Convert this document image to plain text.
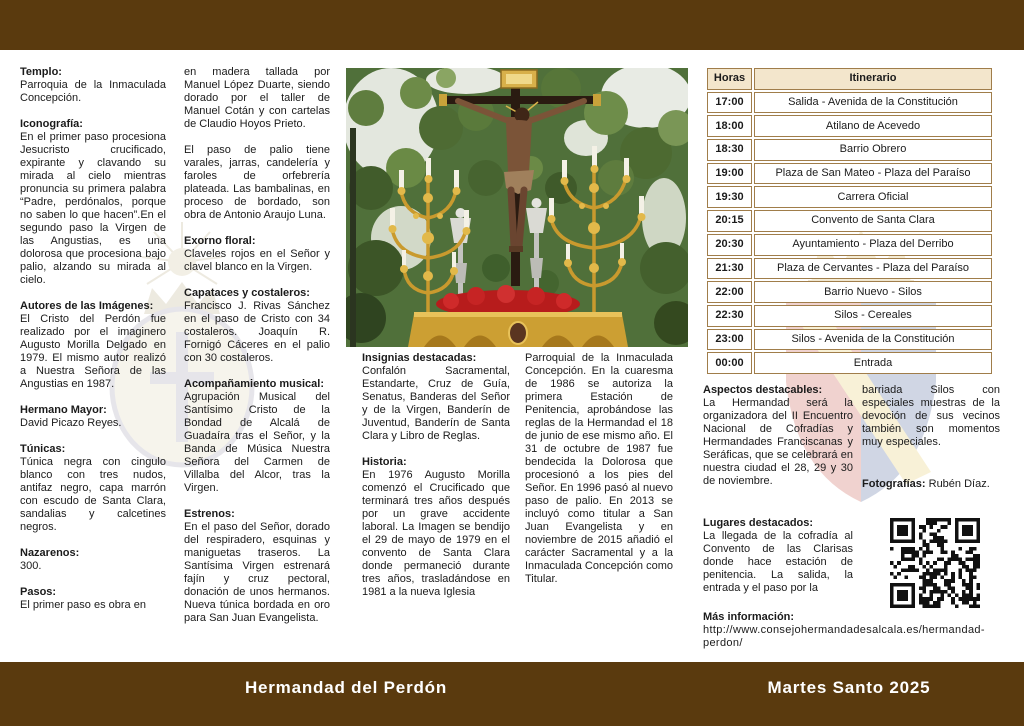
Hermandad del Perdón	Martes Santo 2025
Templo:
Parroquia de la Inmaculada Concepción.
Iconografía:
En el primer paso procesiona Jesucristo crucificado, expirante y clavando su mirada al cielo mientras pronuncia su primera palabra “Padre, perdónalos, porque no saben lo que hacen”.En el segundo paso la Virgen de las Angustias, es una dolorosa que procesiona bajo palio, alzando su mirada al cielo.
Autores de las Imágenes:
El Cristo del Perdón fue realizado por el imaginero Augusto Morilla Delgado en 1979. El mismo autor realizó a Nuestra Señora de las Angustias en 1987.
Hermano Mayor:
David Picazo Reyes.
Túnicas:
Túnica negra con cingulo blanco con tres nudos, antifaz negro, capa marrón con escudo de Santa Clara, sandalias y calcetines negros.
Nazarenos:
300.
Pasos:
El primer paso es obra en
en madera tallada por Manuel López Duarte, siendo dorado por el taller de Manuel Cotán y con cartelas de Claudio Hoyos Prieto.
El paso de palio tiene varales, jarras, candelería y faroles de orfebrería plateada. Las bambalinas, en proceso de bordado, son obra de Antonio Araujo Luna.
Exorno floral:
Claveles rojos en el Señor y clavel blanco en la Virgen.
Capataces y costaleros:
Francisco J. Rivas Sánchez en el paso de Cristo con 34 costaleros. Joaquín R. Fornigó Cáceres en el palio con 30 costaleros.
Acompañamiento musical:
Agrupación Musical del Santísimo Cristo de la Bondad de Alcalá de Guadaíra tras el Señor, y la Banda de Música Nuestra Señora del Carmen de Villalba del Alcor, tras la Virgen.
Estrenos:
En el paso del Señor, dorado del respiradero, esquinas y maniguetas traseros. La Santísima Virgen estrenará fajín y cruz pectoral, donación de unos hermanos. Nueva túnica bordada en oro para San Juan Evangelista.
Insignias destacadas:
Confalón Sacramental, Estandarte, Cruz de Guía, Senatus, Banderas del Señor y de la Virgen, Banderín de Juventud, Banderín de Santa Clara y Libro de Reglas.
Historia:
En 1976 Augusto Morilla comenzó el Crucificado que terminará tres años después por un grave accidente laboral. La Imagen se bendijo el 29 de mayo de 1979 en el convento de Santa Clara donde permaneció durante tres años, trasladándose en 1981 a la nueva Iglesia
Parroquial de la Inmaculada Concepción. En la cuaresma de 1986 se autoriza la primera Estación de Penitencia, aprobándose las reglas de la Hermandad el 18 de junio de ese mismo año. El 31 de octubre de 1987 fue bendecida la Dolorosa que procesionó a los pies del Señor. En 1996 pasó al nuevo paso de palio. En 2013 se incluyó como titular a San Juan Evangelista y en noviembre de 2015 añadió el carácter Sacramental y a la Inmaculada Concepción como Titular.
Horas	Itinerario
17:00	Salida - Avenida de la Constitución
18:00	Atilano de Acevedo
18:30	Barrio Obrero
19:00	Plaza de San Mateo - Plaza del Paraíso
19:30	Carrera Oficial
20:15	Convento de Santa Clara
20:30	Ayuntamiento - Plaza del Derribo
21:30	Plaza de Cervantes - Plaza del Paraíso
22:00	Barrio Nuevo - Silos
22:30	Silos - Cereales
23:00	Silos - Avenida de la Constitución
00:00	Entrada
Aspectos destacables:
La Hermandad será la organizadora del II Encuentro Nacional de Cofradías y Hermandades Franciscanas y Seráficas, que se celebrará en nuestra ciudad el 28, 29 y 30 de noviembre.
barriada Silos con especiales muestras de la devoción de sus vecinos también son momentos muy especiales.
Fotografías: Rubén Díaz.
Lugares destacados:
La llegada de la cofradía al Convento de las Clarisas donde hace estación de penitencia. La salida, la entrada y el paso por la
Más información:
http://www.consejohermandadesalcala.es/hermandad-perdon/
